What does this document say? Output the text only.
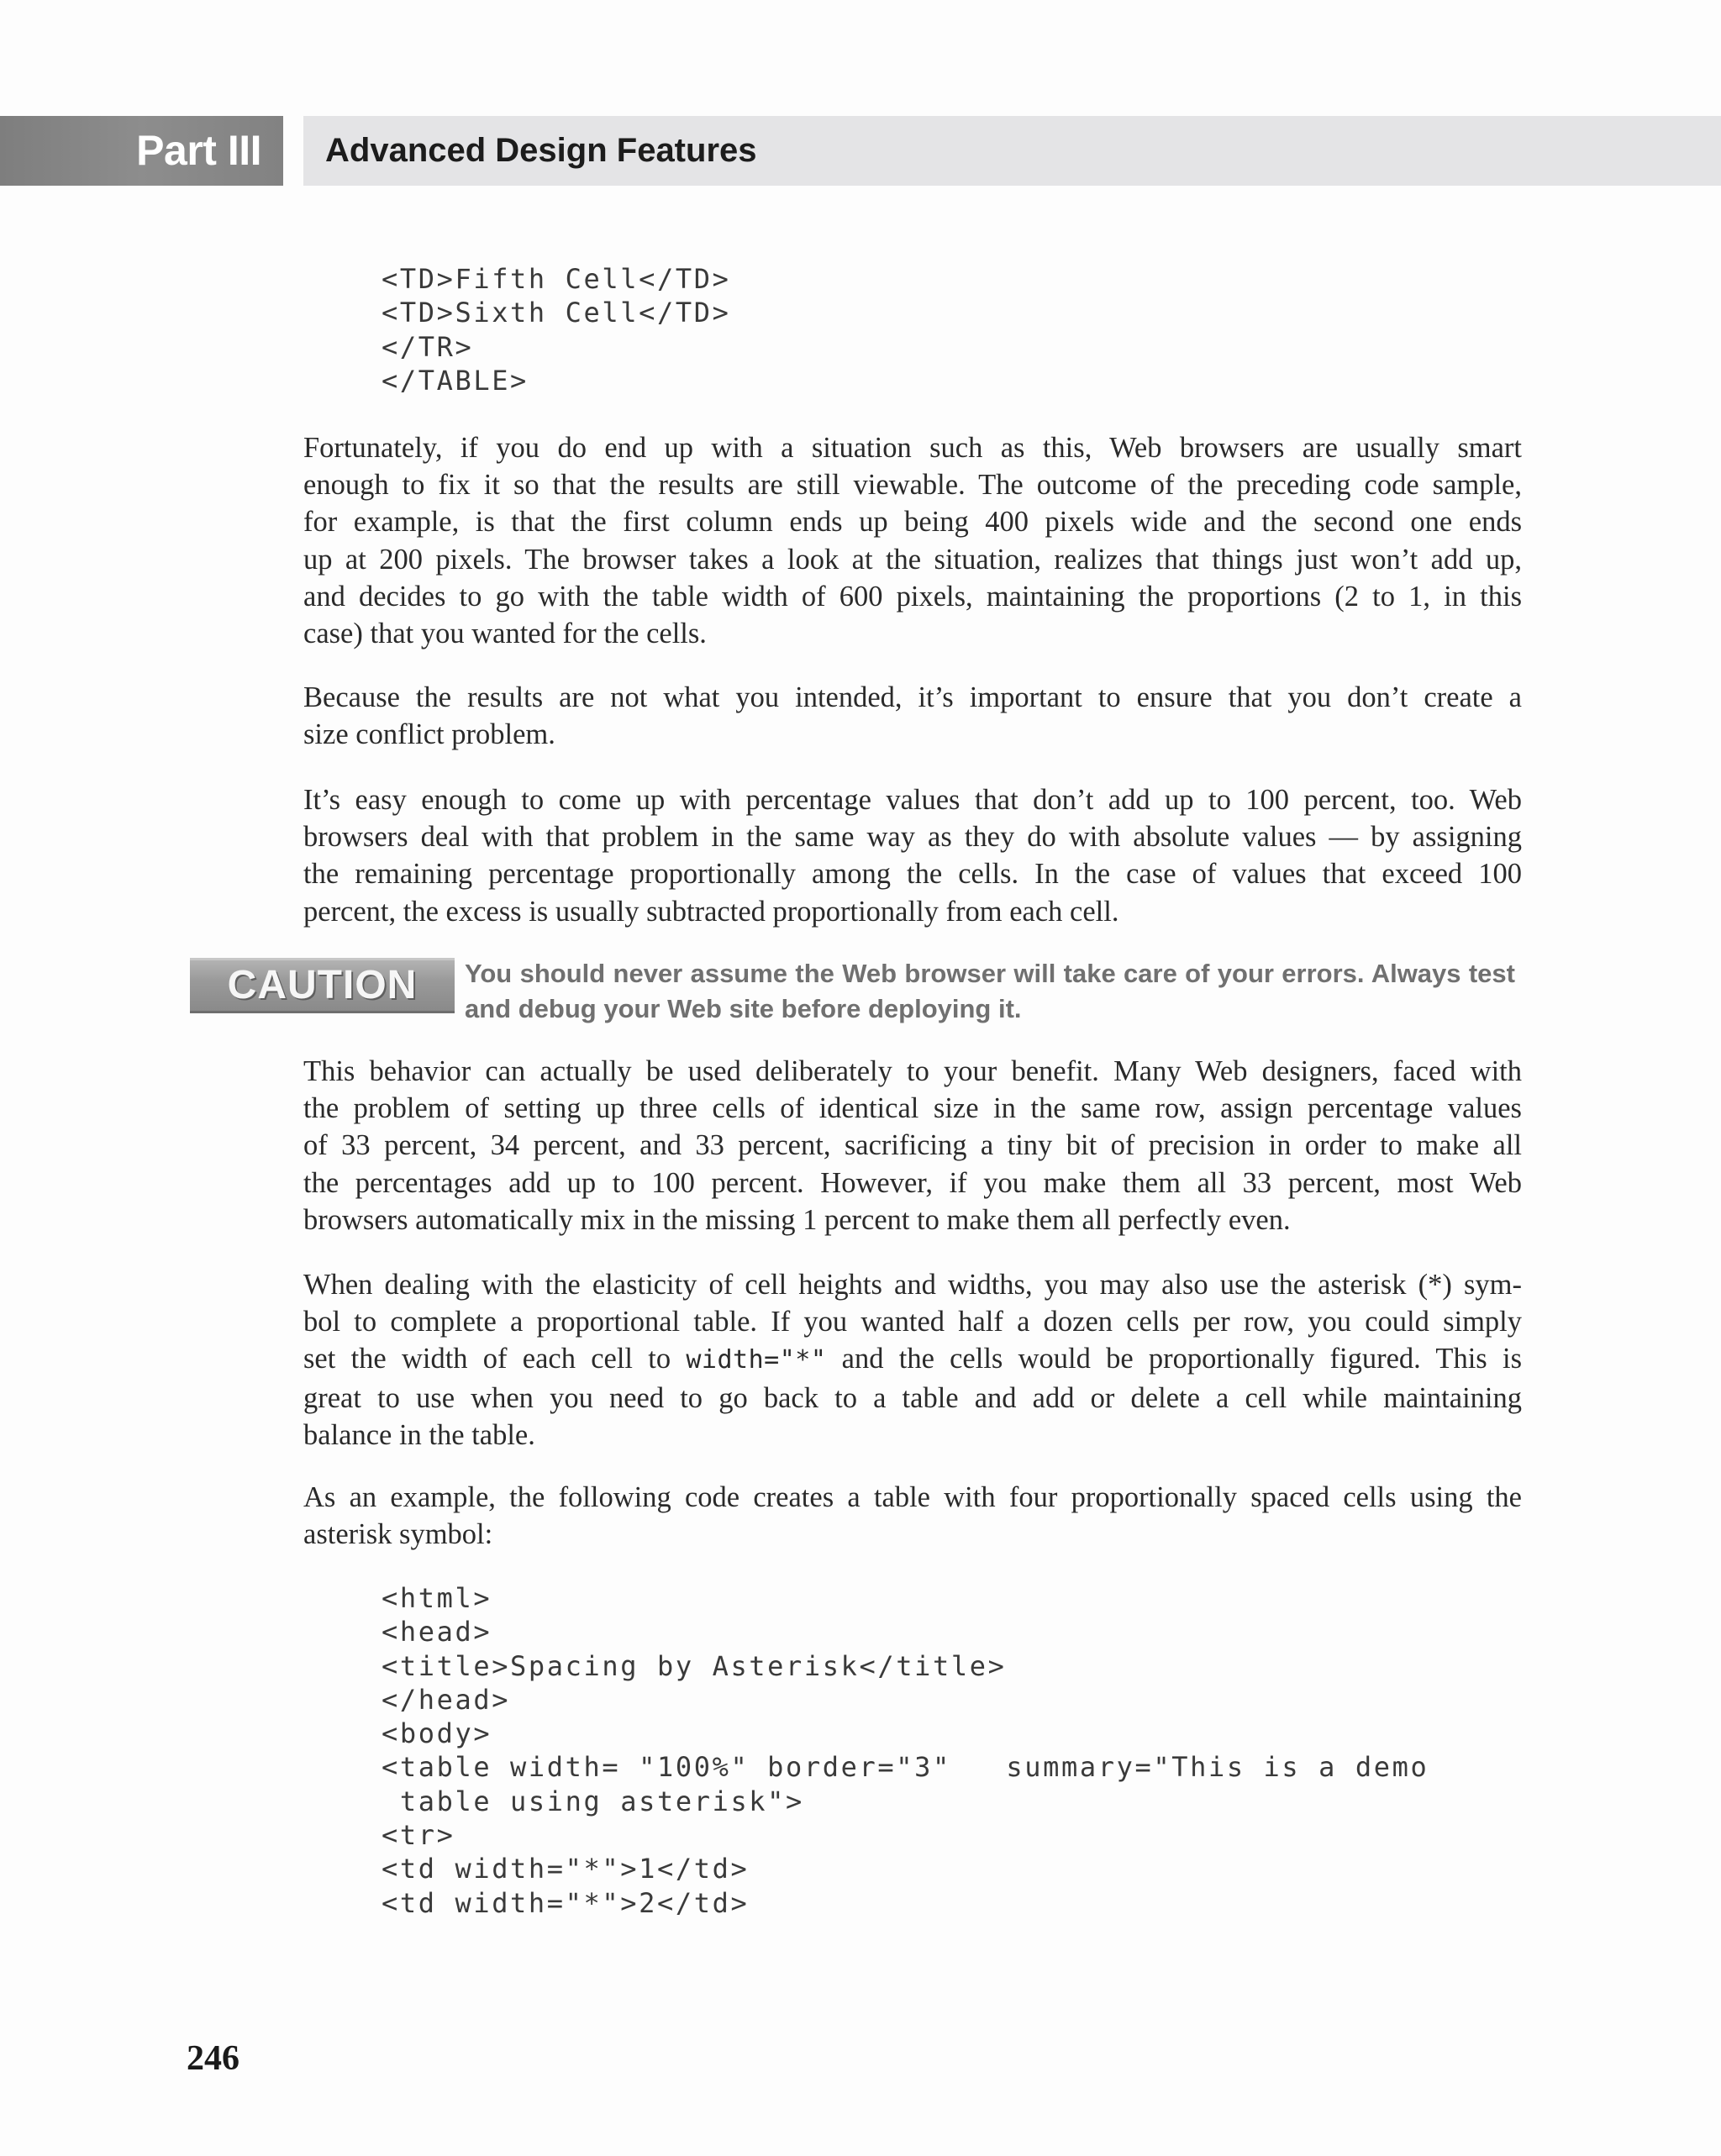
Part III	Advanced Design Features
<TD>Fifth Cell</TD>
<TD>Sixth Cell</TD>
</TR>
</TABLE>

Fortunately, if you do end up with a situation such as this, Web browsers are usually smart
enough to fix it so that the results are still viewable. The outcome of the preceding code sample,
for example, is that the first column ends up being 400 pixels wide and the second one ends
up at 200 pixels. The browser takes a look at the situation, realizes that things just won’t add up,
and decides to go with the table width of 600 pixels, maintaining the proportions (2 to 1, in this
case) that you wanted for the cells.

Because the results are not what you intended, it’s important to ensure that you don’t create a
size conflict problem.

It’s easy enough to come up with percentage values that don’t add up to 100 percent, too. Web
browsers deal with that problem in the same way as they do with absolute values — by assigning
the remaining percentage proportionally among the cells. In the case of values that exceed 100
percent, the excess is usually subtracted proportionally from each cell.

CAUTION	You should never assume the Web browser will take care of your errors. Always test
and debug your Web site before deploying it.

This behavior can actually be used deliberately to your benefit. Many Web designers, faced with
the problem of setting up three cells of identical size in the same row, assign percentage values
of 33 percent, 34 percent, and 33 percent, sacrificing a tiny bit of precision in order to make all
the percentages add up to 100 percent. However, if you make them all 33 percent, most Web
browsers automatically mix in the missing 1 percent to make them all perfectly even.

When dealing with the elasticity of cell heights and widths, you may also use the asterisk (*) sym-
bol to complete a proportional table. If you wanted half a dozen cells per row, you could simply
set the width of each cell to width="*" and the cells would be proportionally figured. This is
great to use when you need to go back to a table and add or delete a cell while maintaining
balance in the table.

As an example, the following code creates a table with four proportionally spaced cells using the
asterisk symbol:

<html>
<head>
<title>Spacing by Asterisk</title>
</head>
<body>
<table width= "100%" border="3"   summary="This is a demo
table using asterisk">
<tr>
<td width="*">1</td>
<td width="*">2</td>
246
